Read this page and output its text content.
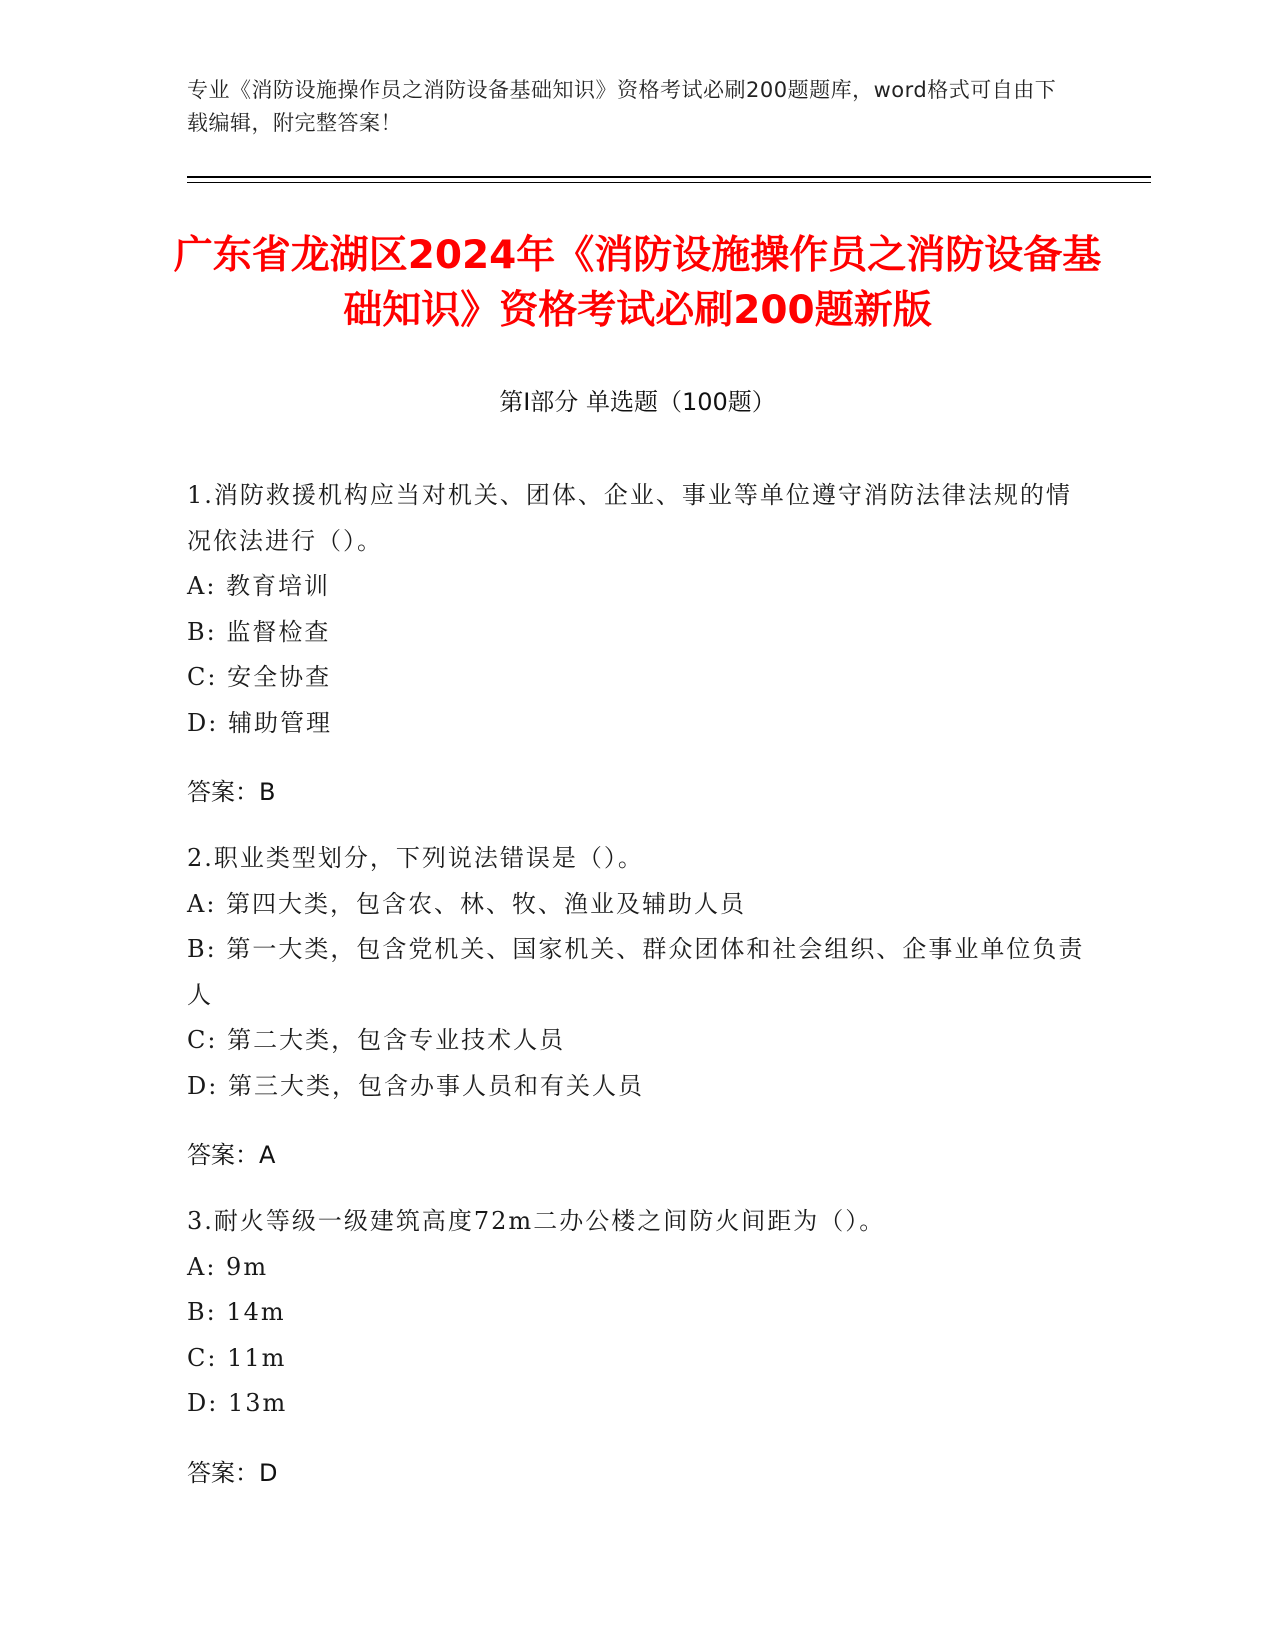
专业《消防设施操作员之消防设备基础知识》资格考试必刷200题题库，word格式可自由下载编辑，附完整答案！
广东省龙湖区2024年《消防设施操作员之消防设备基础知识》资格考试必刷200题新版
第I部分 单选题（100题）

1.消防救援机构应当对机关、团体、企业、事业等单位遵守消防法律法规的情况依法进行（）。

A: 教育培训

B: 监督检查

C: 安全协查

D: 辅助管理

答案：B

2.职业类型划分，下列说法错误是（）。

A: 第四大类，包含农、林、牧、渔业及辅助人员

B: 第一大类，包含党机关、国家机关、群众团体和社会组织、企事业单位负责人

C: 第二大类，包含专业技术人员

D: 第三大类，包含办事人员和有关人员

答案：A

3.耐火等级一级建筑高度72m二办公楼之间防火间距为（）。

A: 9m

B: 14m

C: 11m

D: 13m

答案：D
